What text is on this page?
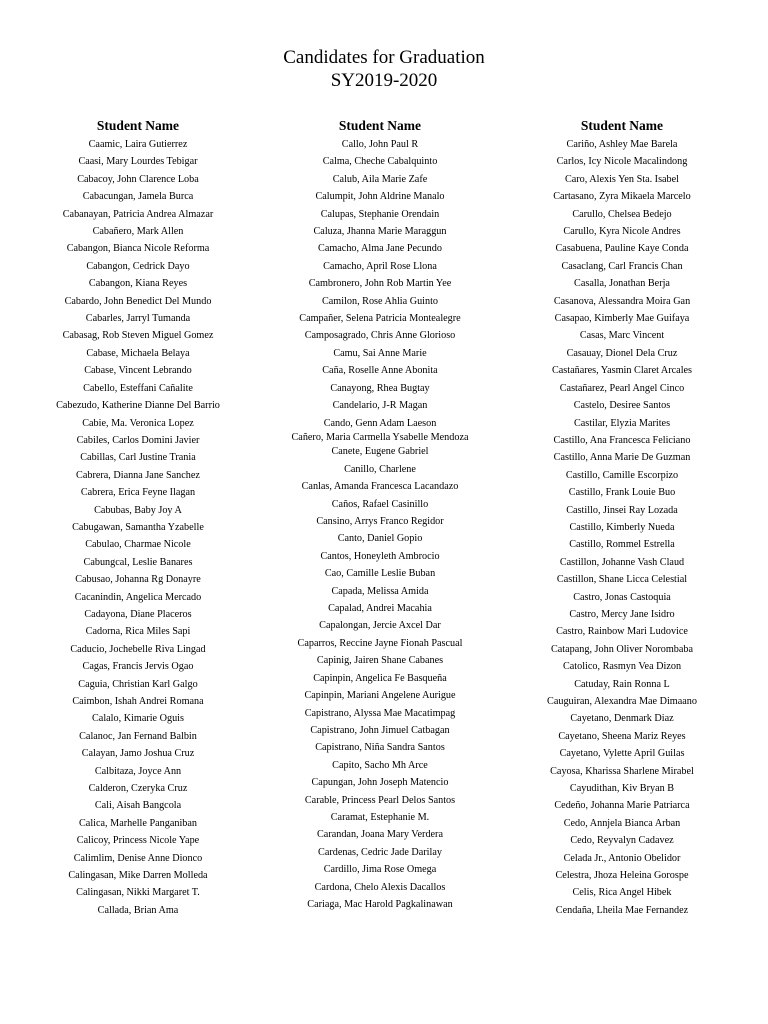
Candidates for Graduation
SY2019-2020
Student Name
Caamic, Laira Gutierrez
Caasi, Mary Lourdes Tebigar
Cabacoy, John Clarence Loba
Cabacungan, Jamela Burca
Cabanayan, Patricia Andrea Almazar
Cabañero, Mark Allen
Cabangon, Bianca Nicole Reforma
Cabangon, Cedrick Dayo
Cabangon, Kiana Reyes
Cabardo, John Benedict Del Mundo
Cabarles, Jarryl Tumanda
Cabasag, Rob Steven Miguel Gomez
Cabase, Michaela Belaya
Cabase, Vincent Lebrando
Cabello, Esteffani Cañalite
Cabezudo, Katherine Dianne Del Barrio
Cabie, Ma. Veronica Lopez
Cabiles, Carlos Domini Javier
Cabillas, Carl Justine Trania
Cabrera, Dianna Jane Sanchez
Cabrera, Erica Feyne Ilagan
Cabubas, Baby Joy A
Cabugawan, Samantha Yzabelle
Cabulao, Charmae Nicole
Cabungcal, Leslie Banares
Cabusao, Johanna Rg Donayre
Cacanindin, Angelica Mercado
Cadayona, Diane Placeros
Cadorna, Rica Miles Sapi
Caducio, Jochebelle Riva Lingad
Cagas, Francis Jervis Ogao
Caguia, Christian Karl Galgo
Caimbon, Ishah Andrei Romana
Calalo, Kimarie Oguis
Calanoc, Jan Fernand Balbin
Calayan, Jamo Joshua Cruz
Calbitaza, Joyce Ann
Calderon, Czeryka Cruz
Cali, Aisah Bangcola
Calica, Marhelle Panganiban
Calicoy, Princess Nicole Yape
Calimlim, Denise Anne Dionco
Calingasan, Mike Darren Molleda
Calingasan, Nikki Margaret T.
Callada, Brian Ama
Student Name
Callo, John Paul R
Calma, Cheche Cabalquinto
Calub, Aila Marie Zafe
Calumpit, John Aldrine Manalo
Calupas, Stephanie Orendain
Caluza, Jhanna Marie Maraggun
Camacho, Alma Jane Pecundo
Camacho, April Rose Llona
Cambronero, John Rob Martin Yee
Camilon, Rose Ahlia Guinto
Campañer, Selena Patricia Montealegre
Camposagrado, Chris Anne Glorioso
Camu, Sai Anne Marie
Caña, Roselle Anne Abonita
Canayong, Rhea Bugtay
Candelario, J-R Magan
Cando, Genn Adam Laeson
Cañero, Maria Carmella Ysabelle Mendoza
Canete, Eugene Gabriel
Canillo, Charlene
Canlas, Amanda Francesca Lacandazo
Caños, Rafael Casinillo
Cansino, Arrys Franco Regidor
Canto, Daniel Gopio
Cantos, Honeyleth Ambrocio
Cao, Camille Leslie Buban
Capada, Melissa Amida
Capalad, Andrei Macahia
Capalongan, Jercie Axcel Dar
Caparros, Reccine Jayne Fionah Pascual
Capinig, Jairen Shane Cabanes
Capinpin, Angelica Fe Basqueña
Capinpin, Mariani Angelene Aurigue
Capistrano, Alyssa Mae Macatimpag
Capistrano, John Jimuel Catbagan
Capistrano, Niña Sandra Santos
Capito, Sacho Mh Arce
Capungan, John Joseph Matencio
Carable, Princess Pearl Delos Santos
Caramat, Estephanie M.
Carandan, Joana Mary Verdera
Cardenas, Cedric Jade Darilay
Cardillo, Jima Rose Omega
Cardona, Chelo Alexis Dacallos
Cariaga, Mac Harold Pagkalinawan
Student Name
Cariño, Ashley Mae Barela
Carlos, Icy Nicole Macalindong
Caro, Alexis Yen Sta. Isabel
Cartasano, Zyra Mikaela Marcelo
Carullo, Chelsea Bedejo
Carullo, Kyra Nicole Andres
Casabuena, Pauline Kaye Conda
Casaclang, Carl Francis Chan
Casalla, Jonathan Berja
Casanova, Alessandra Moira Gan
Casapao, Kimberly Mae Guifaya
Casas, Marc Vincent
Casauay, Dionel Dela Cruz
Castañares, Yasmin Claret Arcales
Castañarez, Pearl Angel Cinco
Castelo, Desiree Santos
Castilar, Elyzia Marites
Castillo, Ana Francesca Feliciano
Castillo, Anna Marie De Guzman
Castillo, Camille Escorpizo
Castillo, Frank Louie Buo
Castillo, Jinsei Ray Lozada
Castillo, Kimberly Nueda
Castillo, Rommel Estrella
Castillon, Johanne Vash Claud
Castillon, Shane Licca Celestial
Castro, Jonas Castoquia
Castro, Mercy Jane Isidro
Castro, Rainbow Mari Ludovice
Catapang, John Oliver Norombaba
Catolico, Rasmyn Vea Dizon
Catuday, Rain Ronna L
Cauguiran, Alexandra Mae Dimaano
Cayetano, Denmark Diaz
Cayetano, Sheena Mariz Reyes
Cayetano, Vylette April Guilas
Cayosa, Kharissa Sharlene Mirabel
Cayudithan, Kiv Bryan B
Cedeño, Johanna Marie Patriarca
Cedo, Annjela Bianca Arban
Cedo, Reyvalyn Cadavez
Celada Jr., Antonio Obelidor
Celestra, Jhoza Heleina Gorospe
Celis, Rica Angel Hibek
Cendaña, Lheila Mae Fernandez
